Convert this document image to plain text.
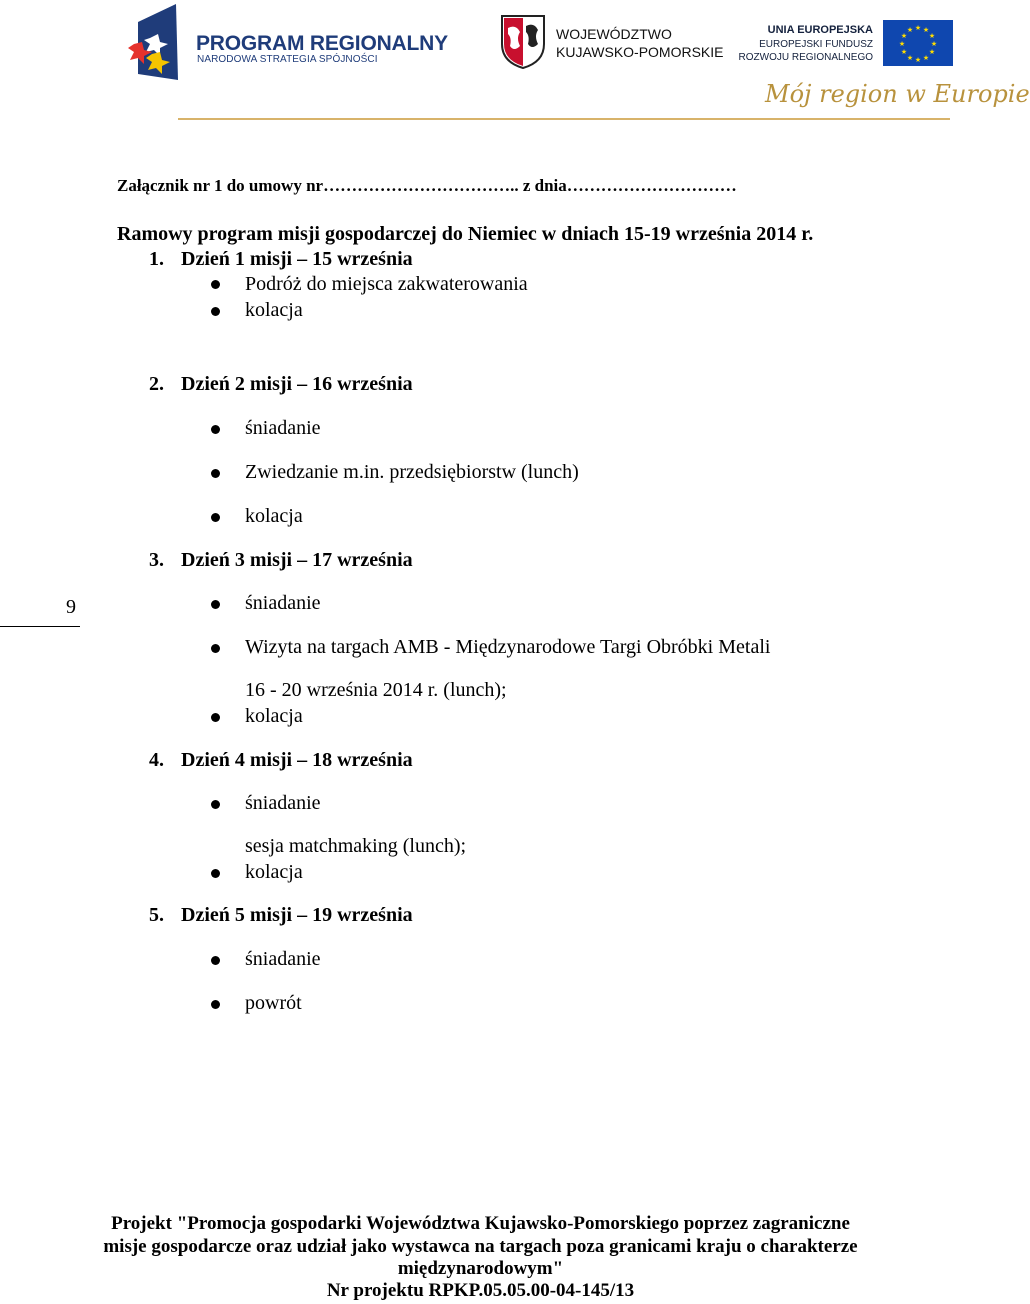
PROGRAM REGIONALNY
NARODOWA STRATEGIA SPÓJNOŚCI
WOJEWÓDZTWO
KUJAWSKO-POMORSKIE
UNIA EUROPEJSKA
EUROPEJSKI FUNDUSZ
ROZWOJU REGIONALNEGO
★ ★
★
★
★
★
★
★
★
★
★
★
Mój region w Europie
Załącznik nr 1 do umowy nr…………………………….. z dnia…………………………
Ramowy program misji gospodarczej do Niemiec w dniach 15-19 września 2014 r.
1. Dzień 1 misji – 15 września
Podróż do miejsca zakwaterowania
kolacja
2. Dzień 2 misji – 16 września
śniadanie
Zwiedzanie m.in. przedsiębiorstw (lunch)
kolacja
3. Dzień 3 misji – 17 września
śniadanie
Wizyta na targach AMB - Międzynarodowe Targi Obróbki Metali
16 - 20 września 2014 r. (lunch);
kolacja
9
4. Dzień 4 misji – 18 września
śniadanie
sesja matchmaking (lunch);
kolacja
5. Dzień 5 misji – 19 września
śniadanie
powrót
Projekt "Promocja gospodarki Województwa Kujawsko-Pomorskiego poprzez zagraniczne
misje gospodarcze oraz udział jako wystawca na targach poza granicami kraju o charakterze
międzynarodowym"
Nr projektu RPKP.05.05.00-04-145/13
